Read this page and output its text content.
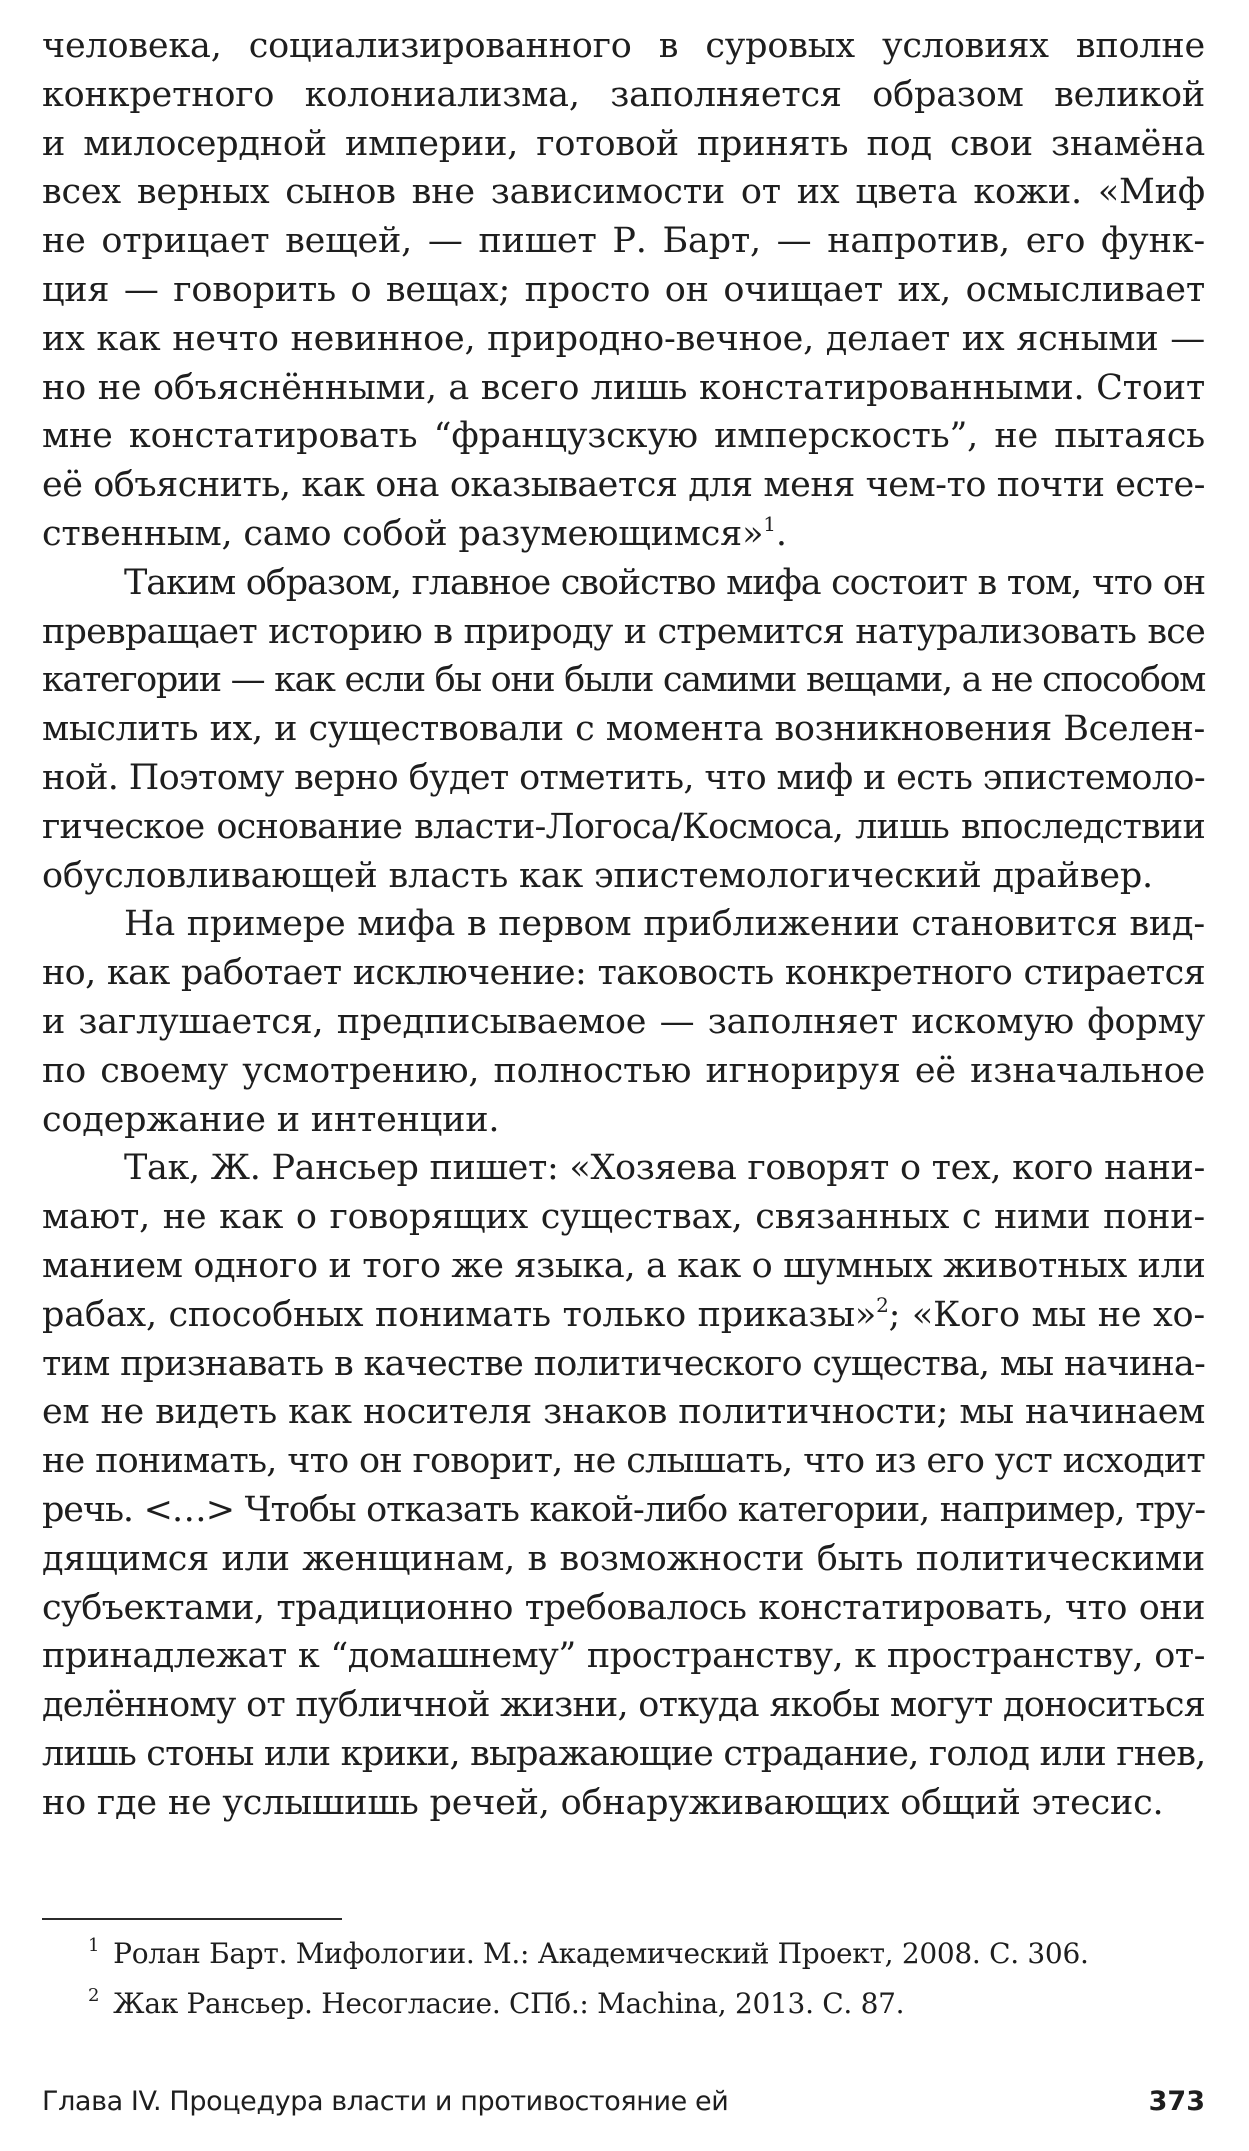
человека, социализированного в суровых условиях вполне
конкретного колониализма, заполняется образом великой
и милосердной империи, готовой принять под свои знамёна
всех верных сынов вне зависимости от их цвета кожи. «Миф
не отрицает вещей, — пишет Р. Барт, — напротив, его функ-
ция — говорить о вещах; просто он очищает их, осмысливает
их как нечто невинное, природно-вечное, делает их ясными —
но не объяснёнными, а всего лишь констатированными. Стоит
мне констатировать “французскую имперскость”, не пытаясь
её объяснить, как она оказывается для меня чем-то почти есте-
ственным, само собой разумеющимся»$^1$.
Таким образом, главное свойство мифа состоит в том, что он
превращает историю в природу и стремится натурализовать все
категории — как если бы они были самими вещами, а не способом
мыслить их, и существовали с момента возникновения Вселен-
ной. Поэтому верно будет отметить, что миф и есть эпистемоло-
гическое основание власти-Логоса/Космоса, лишь впоследствии
обусловливающей власть как эпистемологический драйвер.
На примере мифа в первом приближении становится вид-
но, как работает исключение: таковость конкретного стирается
и заглушается, предписываемое — заполняет искомую форму
по своему усмотрению, полностью игнорируя её изначальное
содержание и интенции.
Так, Ж. Рансьер пишет: «Хозяева говорят о тех, кого нани-
мают, не как о говорящих существах, связанных с ними пони-
манием одного и того же языка, а как о шумных животных или
рабах, способных понимать только приказы»$^2$; «Кого мы не хо-
тим признавать в качестве политического существа, мы начина-
ем не видеть как носителя знаков политичности; мы начинаем
не понимать, что он говорит, не слышать, что из его уст исходит
речь. <…> Чтобы отказать какой-либо категории, например, тру-
дящимся или женщинам, в возможности быть политическими
субъектами, традиционно требовалось констатировать, что они
принадлежат к “домашнему” пространству, к пространству, от-
делённому от публичной жизни, откуда якобы могут доноситься
лишь стоны или крики, выражающие страдание, голод или гнев,
но где не услышишь речей, обнаруживающих общий этесис.
$^1$ Ролан Барт. Мифологии. М.: Академический Проект, 2008. С. 306.
$^2$ Жак Рансьер. Несогласие. СПб.: Machina, 2013. С. 87.
Глава IV. Процедура власти и противостояние ей	373
